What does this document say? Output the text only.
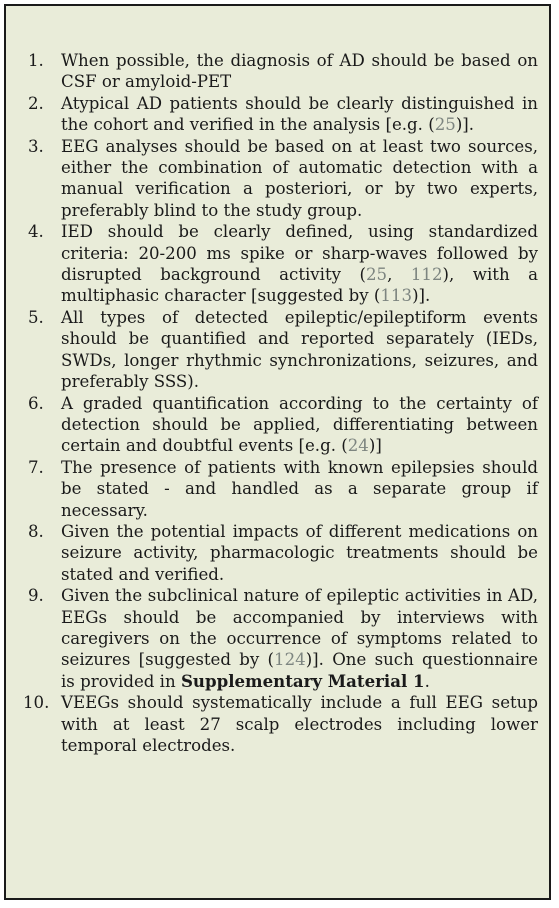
1.	When possible, the diagnosis of AD should be based on CSF or amyloid-PET
2.	Atypical AD patients should be clearly distinguished in the cohort and verified in the analysis [e.g. (25)].
3.	EEG analyses should be based on at least two sources, either the combination of automatic detection with a manual verification a posteriori, or by two experts, preferably blind to the study group.
4.	IED should be clearly defined, using standardized criteria: 20-200 ms spike or sharp-waves followed by disrupted background activity (25, 112), with a multiphasic character [suggested by (113)].
5.	All types of detected epileptic/epileptiform events should be quantified and reported separately (IEDs, SWDs, longer rhythmic synchronizations, seizures, and preferably SSS).
6.	A graded quantification according to the certainty of detection should be applied, differentiating between certain and doubtful events [e.g. (24)]
7.	The presence of patients with known epilepsies should be stated - and handled as a separate group if necessary.
8.	Given the potential impacts of different medications on seizure activity, pharmacologic treatments should be stated and verified.
9.	Given the subclinical nature of epileptic activities in AD, EEGs should be accompanied by interviews with caregivers on the occurrence of symptoms related to seizures [suggested by (124)]. One such questionnaire is provided in Supplementary Material 1.
10. VEEGs should systematically include a full EEG setup with at least 27 scalp electrodes including lower temporal electrodes.
